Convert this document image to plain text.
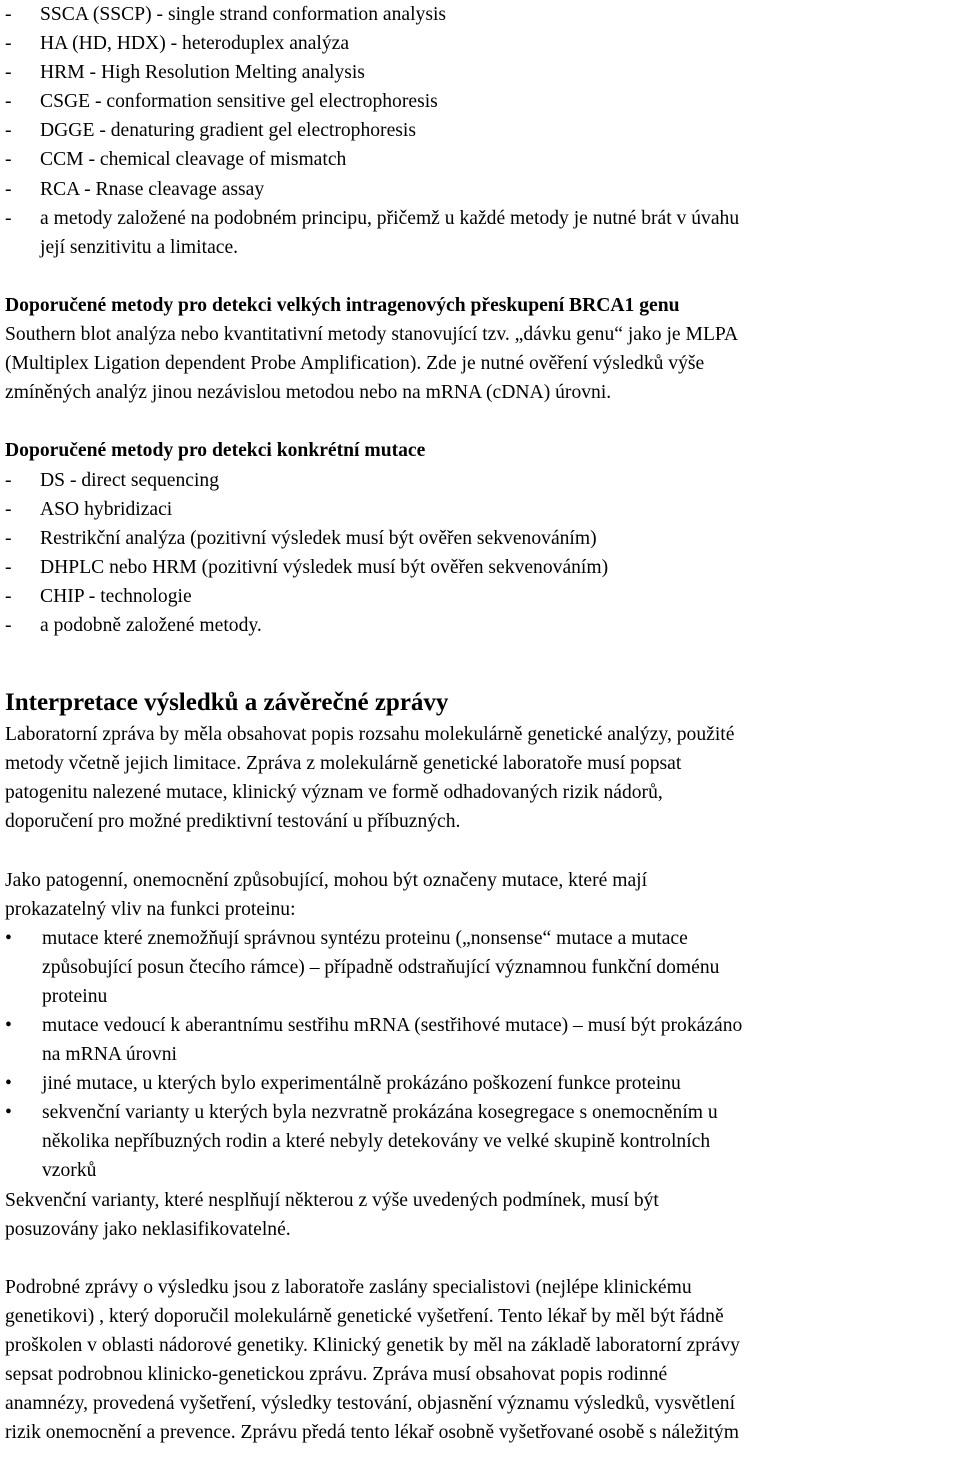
-	SSCA (SSCP) - single strand conformation analysis
-	HA (HD, HDX) - heteroduplex analýza
-	HRM - High Resolution Melting analysis
-	CSGE - conformation sensitive gel electrophoresis
-	DGGE - denaturing gradient gel electrophoresis
-	CCM - chemical cleavage of mismatch
-	RCA - Rnase cleavage assay
-	a metody založené na podobném principu, přičemž u každé metody je nutné brát v úvahu
její senzitivitu a limitace.
Doporučené metody pro detekci velkých intragenových přeskupení BRCA1 genu
Southern blot analýza nebo kvantitativní metody stanovující tzv. „dávku genu“ jako je MLPA
(Multiplex Ligation dependent Probe Amplification). Zde je nutné ověření výsledků výše
zmíněných analýz jinou nezávislou metodou nebo na mRNA (cDNA) úrovni.
Doporučené metody pro detekci konkrétní mutace
-	DS - direct sequencing
-	ASO hybridizaci
-	Restrikční analýza (pozitivní výsledek musí být ověřen sekvenováním)
-	DHPLC nebo HRM (pozitivní výsledek musí být ověřen sekvenováním)
-	CHIP - technologie
-	a podobně založené metody.
Interpretace výsledků a závěrečné zprávy
Laboratorní zpráva by měla obsahovat popis rozsahu molekulárně genetické analýzy, použité
metody včetně jejich limitace. Zpráva z molekulárně genetické laboratoře musí popsat
patogenitu nalezené mutace, klinický význam ve formě odhadovaných rizik nádorů,
doporučení pro možné prediktivní testování u příbuzných.
Jako patogenní, onemocnění způsobující, mohou být označeny mutace, které mají
prokazatelný vliv na funkci proteinu:
•	mutace které znemožňují správnou syntézu proteinu („nonsense“ mutace a mutace
způsobující posun čtecího rámce) – případně odstraňující významnou funkční doménu
proteinu
•	mutace vedoucí k aberantnímu sestřihu mRNA (sestřihové mutace) – musí být prokázáno
na mRNA úrovni
•	jiné mutace, u kterých bylo experimentálně prokázáno poškození funkce proteinu
•	sekvenční varianty u kterých byla nezvratně prokázána kosegregace s onemocněním u
několika nepříbuzných rodin a které nebyly detekovány ve velké skupině kontrolních
vzorků
Sekvenční varianty, které nesplňují některou z výše uvedených podmínek, musí být
posuzovány jako neklasifikovatelné.
Podrobné zprávy o výsledku jsou z laboratoře zaslány specialistovi (nejlépe klinickému
genetikovi) , který doporučil molekulárně genetické vyšetření. Tento lékař by měl být řádně
proškolen v oblasti nádorové genetiky. Klinický genetik by měl na základě laboratorní zprávy
sepsat podrobnou klinicko-genetickou zprávu. Zpráva musí obsahovat popis rodinné
anamnézy, provedená vyšetření, výsledky testování, objasnění významu výsledků, vysvětlení
rizik onemocnění a prevence. Zprávu předá tento lékař osobně vyšetřované osobě s náležitým
